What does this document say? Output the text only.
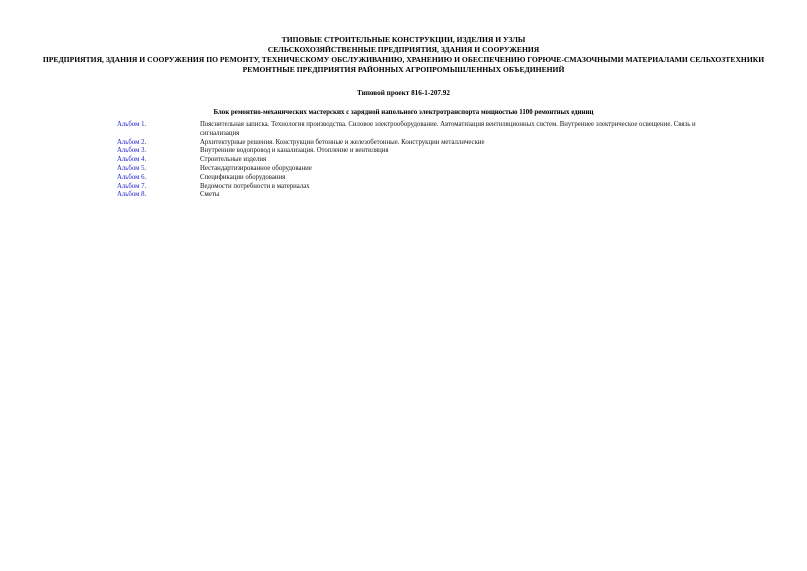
ТИПОВЫЕ СТРОИТЕЛЬНЫЕ КОНСТРУКЦИИ, ИЗДЕЛИЯ И УЗЛЫ
СЕЛЬСКОХОЗЯЙСТВЕННЫЕ ПРЕДПРИЯТИЯ, ЗДАНИЯ И СООРУЖЕНИЯ
ПРЕДПРИЯТИЯ, ЗДАНИЯ И СООРУЖЕНИЯ ПО РЕМОНТУ, ТЕХНИЧЕСКОМУ ОБСЛУЖИВАНИЮ, ХРАНЕНИЮ И ОБЕСПЕЧЕНИЮ ГОРЮЧЕ-СМАЗОЧНЫМИ МАТЕРИАЛАМИ СЕЛЬХОЗТЕХНИКИ
РЕМОНТНЫЕ ПРЕДПРИЯТИЯ РАЙОННЫХ АГРОПРОМЫШЛЕННЫХ ОБЪЕДИНЕНИЙ
Типовой проект 816-1-207.92
Блок ремонтно-механических мастерских с зарядной напольного электротранспорта мощностью 1100 ремонтных единиц
Альбом 1.	Пояснительная записка. Технология производства. Силовое электрооборудование. Автоматизация вентиляционных систем. Внутреннее электрическое освещение. Связь и сигнализация
Альбом 2.	Архитектурные решения. Конструкции бетонные и железобетонные. Конструкции металлические
Альбом 3.	Внутренние водопровод и канализация. Отопление и вентиляция
Альбом 4.	Строительные изделия
Альбом 5.	Нестандартизированное оборудование
Альбом 6.	Спецификации оборудования
Альбом 7.	Ведомости потребности в материалах
Альбом 8.	Сметы
